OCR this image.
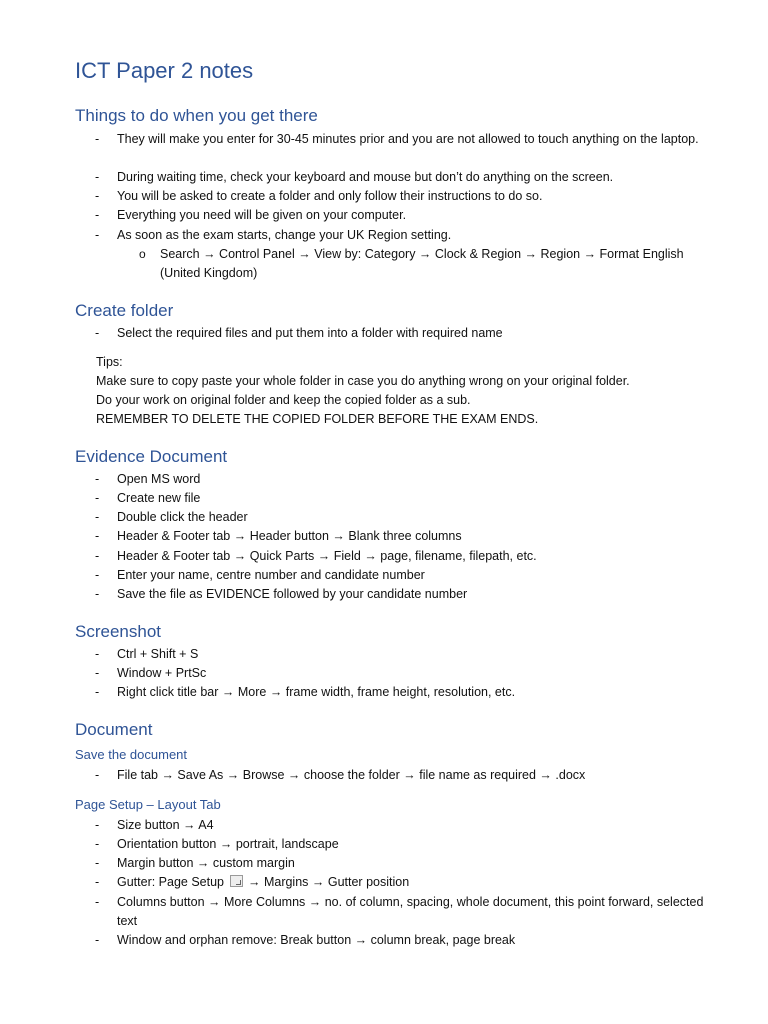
ICT Paper 2 notes
Things to do when you get there
- They will make you enter for 30-45 minutes prior and you are not allowed to touch anything on the laptop.
- During waiting time, check your keyboard and mouse but don’t do anything on the screen.
- You will be asked to create a folder and only follow their instructions to do so.
- Everything you need will be given on your computer.
- As soon as the exam starts, change your UK Region setting.
o Search → Control Panel → View by: Category → Clock & Region → Region → Format English (United Kingdom)
Create folder
- Select the required files and put them into a folder with required name
Tips:
Make sure to copy paste your whole folder in case you do anything wrong on your original folder.
Do your work on original folder and keep the copied folder as a sub.
REMEMBER TO DELETE THE COPIED FOLDER BEFORE THE EXAM ENDS.
Evidence Document
- Open MS word
- Create new file
- Double click the header
- Header & Footer tab → Header button → Blank three columns
- Header & Footer tab → Quick Parts → Field → page, filename, filepath, etc.
- Enter your name, centre number and candidate number
- Save the file as EVIDENCE followed by your candidate number
Screenshot
- Ctrl + Shift + S
- Window + PrtSc
- Right click title bar → More → frame width, frame height, resolution, etc.
Document
Save the document
- File tab → Save As → Browse → choose the folder → file name as required → .docx
Page Setup – Layout Tab
- Size button → A4
- Orientation button → portrait, landscape
- Margin button → custom margin
- Gutter: Page Setup → Margins → Gutter position
- Columns button → More Columns → no. of column, spacing, whole document, this point forward, selected text
- Window and orphan remove: Break button → column break, page break
